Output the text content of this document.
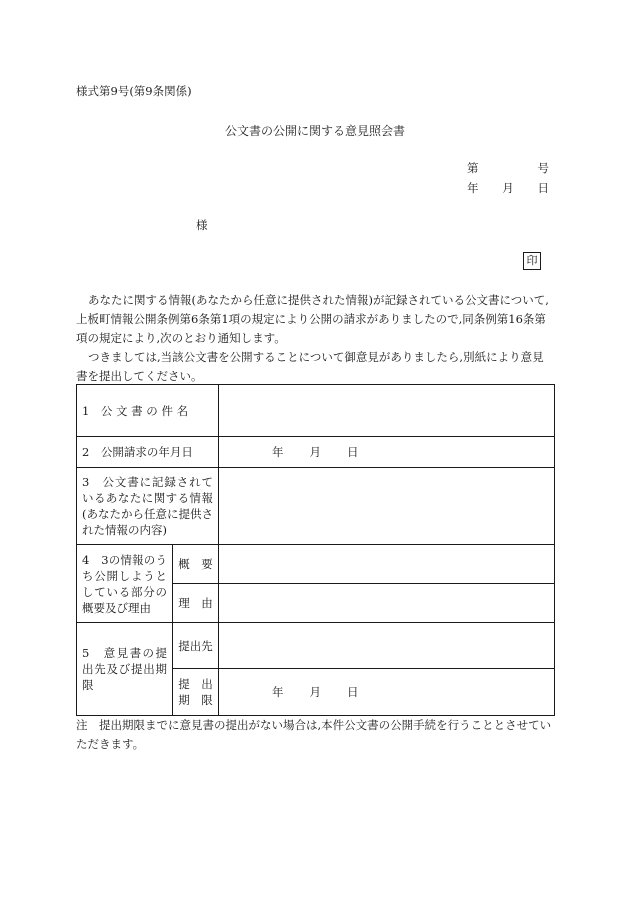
様式第9号(第9条関係)
公文書の公開に関する意見照会書
第	号
年 月 日
様
印
あなたに関する情報(あなたから任意に提供された情報)が記録されている公文書について,上板町情報公開条例第6条第1項の規定により公開の請求がありましたので,同条例第16条第　　項の規定により,次のとおり通知します。
つきましては,当該公文書を公開することについて御意見がありましたら,別紙により意見書を提出してください。
1　公 文 書 の 件 名		
2　公開請求の年月日		年 月 日
3　公文書に記録されているあなたに関する情報(あなたから任意に提供された情報の内容)		
4　3の情報のうち公開しようとしている部分の概要及び理由	概　要	
	理　由	
5　意見書の提出先及び提出期限	提出先	

	提　出
期　限	年 月 日
注　提出期限までに意見書の提出がない場合は,本件公文書の公開手続を行うこととさせていただきます。
